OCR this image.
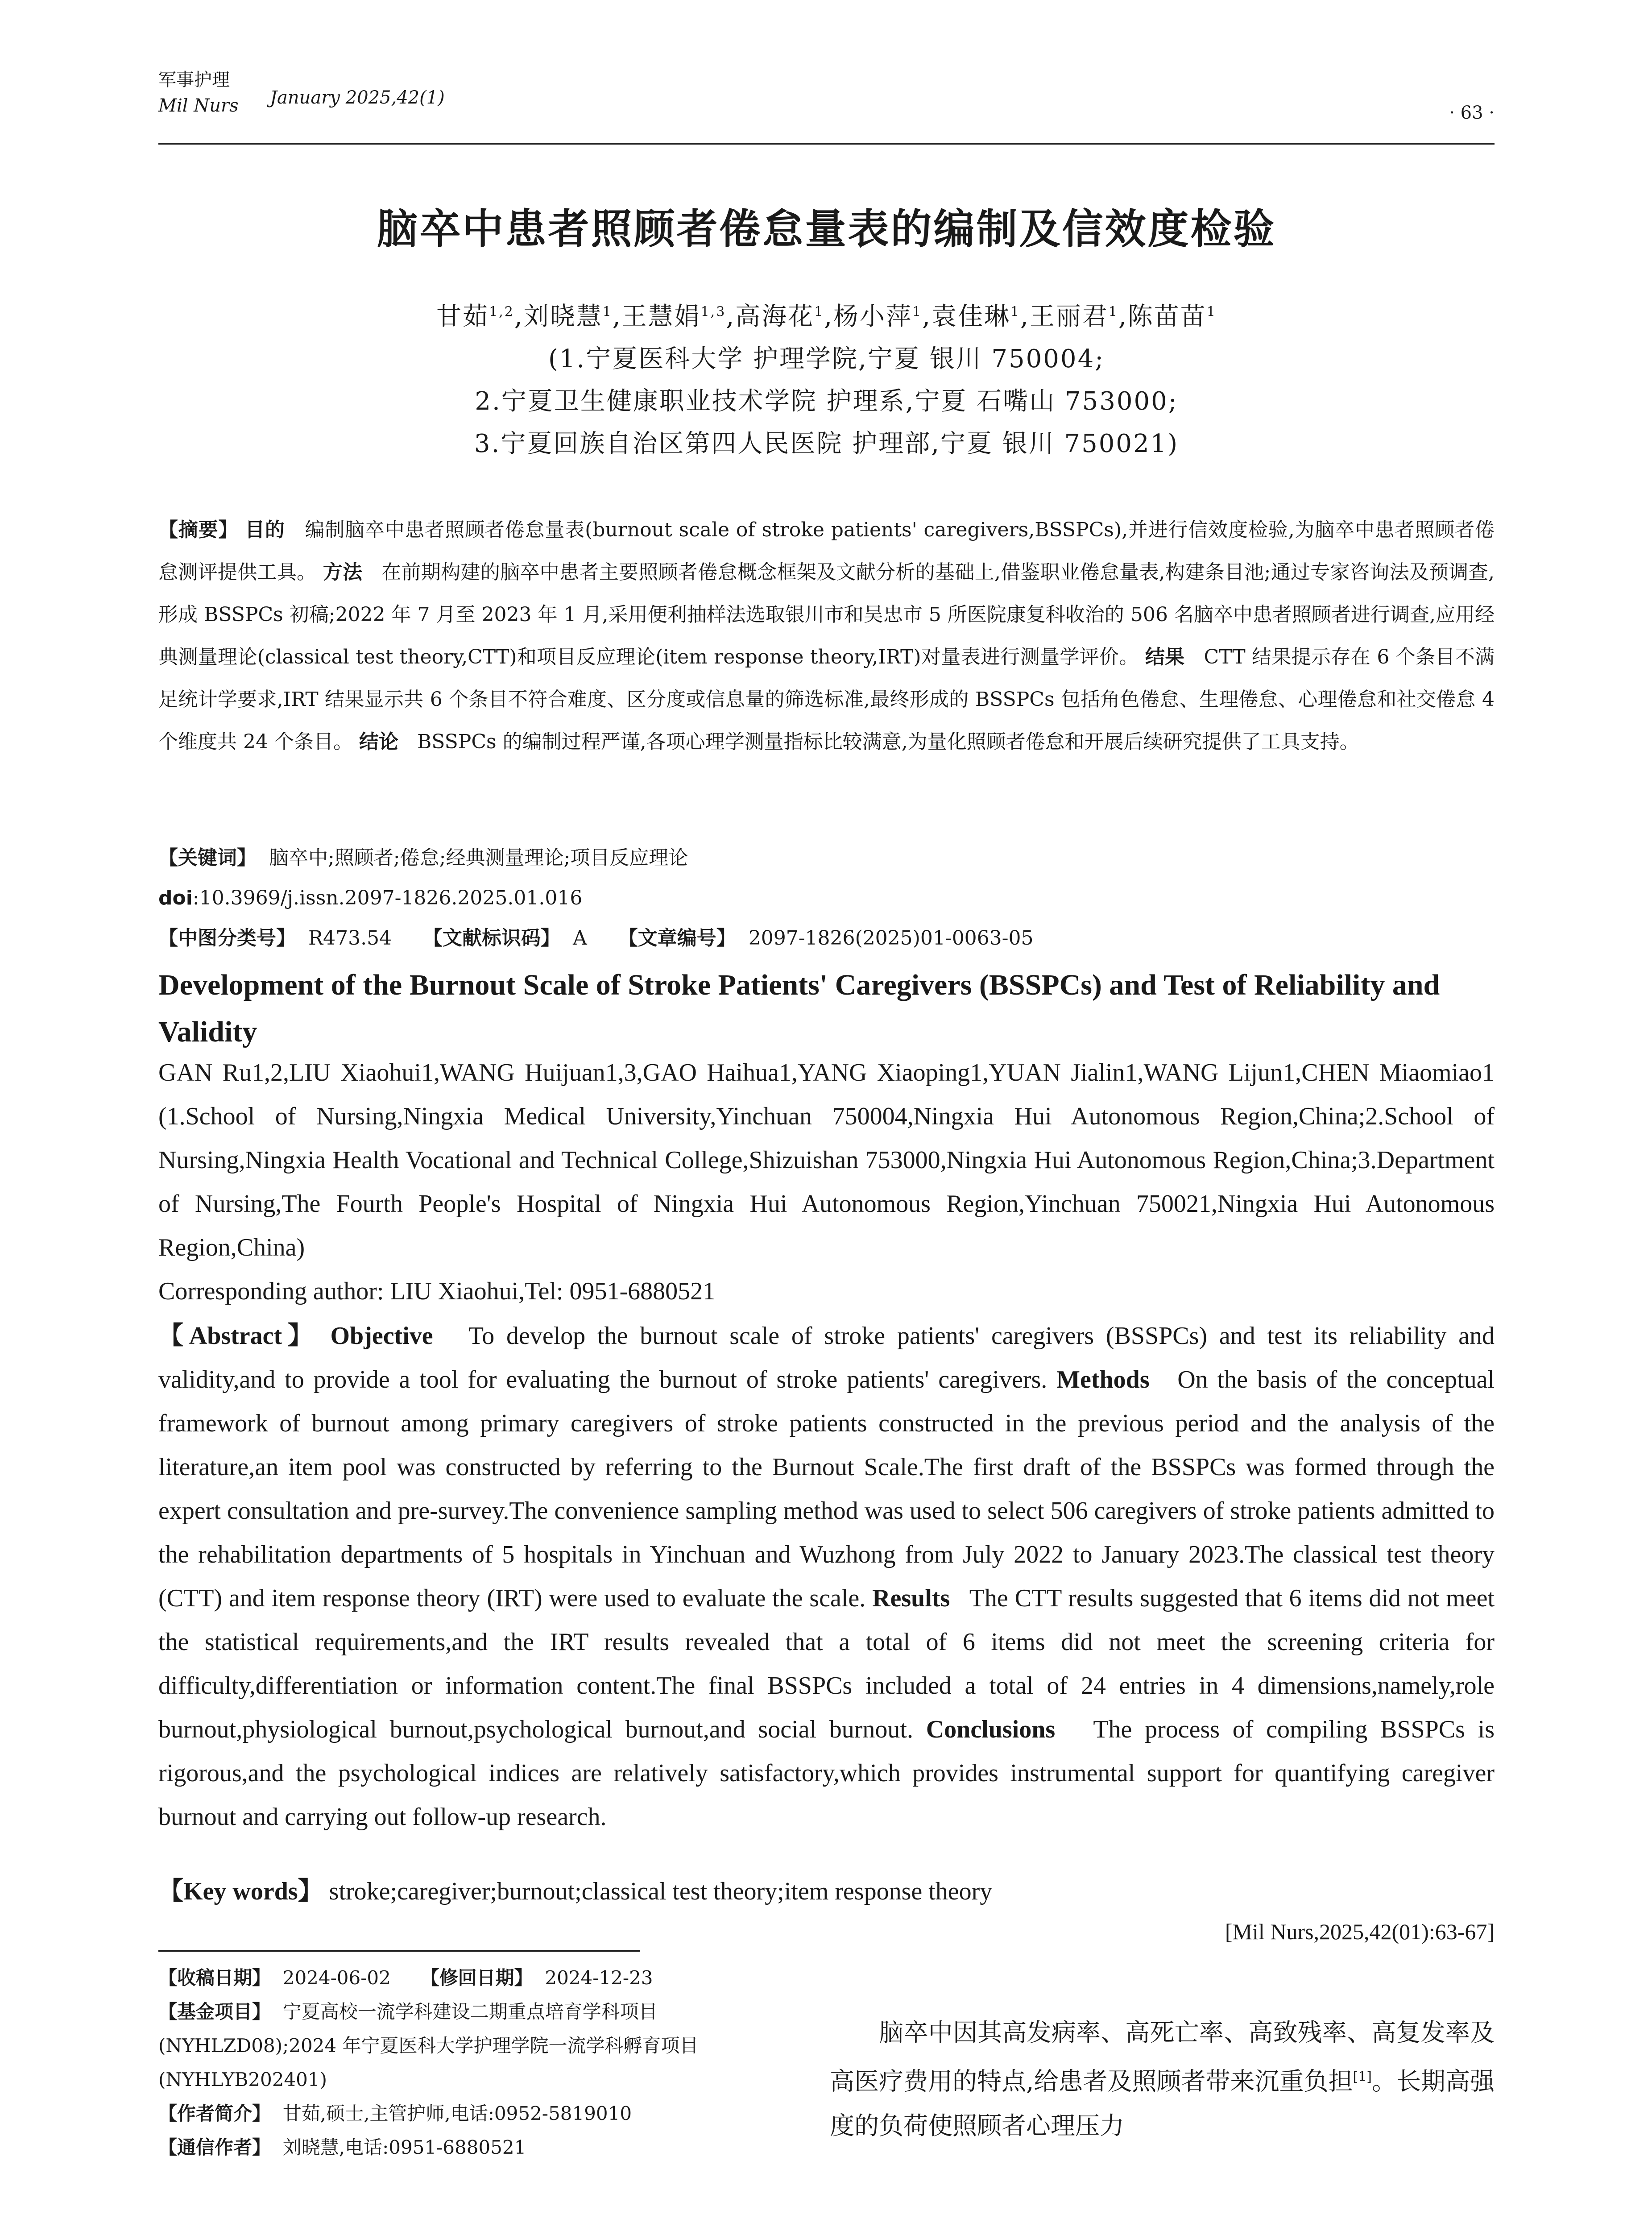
军事护理
Mil Nurs January 2025,42(1)
· 63 ·
脑卒中患者照顾者倦怠量表的编制及信效度检验
甘茹$^{1,2}$,刘晓慧$^1$,王慧娟$^{1,3}$,高海花$^1$,杨小萍$^1$,袁佳琳$^1$,王丽君$^1$,陈苗苗$^1$
(1.宁夏医科大学 护理学院,宁夏 银川 750004;
2.宁夏卫生健康职业技术学院 护理系,宁夏 石嘴山 753000;
3.宁夏回族自治区第四人民医院 护理部,宁夏 银川 750021)
【摘要】 目的 编制脑卒中患者照顾者倦怠量表(burnout scale of stroke patients' caregivers,BSSPCs),并进行信效度检验,为脑卒中患者照顾者倦怠测评提供工具。 方法 在前期构建的脑卒中患者主要照顾者倦怠概念框架及文献分析的基础上,借鉴职业倦怠量表,构建条目池;通过专家咨询法及预调查,形成 BSSPCs 初稿;2022 年 7 月至 2023 年 1 月,采用便利抽样法选取银川市和吴忠市 5 所医院康复科收治的 506 名脑卒中患者照顾者进行调查,应用经典测量理论(classical test theory,CTT)和项目反应理论(item response theory,IRT)对量表进行测量学评价。 结果 CTT 结果提示存在 6 个条目不满足统计学要求,IRT 结果显示共 6 个条目不符合难度、区分度或信息量的筛选标准,最终形成的 BSSPCs 包括角色倦怠、生理倦怠、心理倦怠和社交倦怠 4 个维度共 24 个条目。 结论 BSSPCs 的编制过程严谨,各项心理学测量指标比较满意,为量化照顾者倦怠和开展后续研究提供了工具支持。
【关键词】 脑卒中;照顾者;倦怠;经典测量理论;项目反应理论
doi:10.3969/j.issn.2097-1826.2025.01.016
【中图分类号】 R473.54 【文献标识码】 A 【文章编号】 2097-1826(2025)01-0063-05
Development of the Burnout Scale of Stroke Patients' Caregivers (BSSPCs) and Test of Reliability and Validity
GAN Ru1,2,LIU Xiaohui1,WANG Huijuan1,3,GAO Haihua1,YANG Xiaoping1,YUAN Jialin1,WANG Lijun1,CHEN Miaomiao1 (1.School of Nursing,Ningxia Medical University,Yinchuan 750004,Ningxia Hui Autonomous Region,China;2.School of Nursing,Ningxia Health Vocational and Technical College,Shizuishan 753000,Ningxia Hui Autonomous Region,China;3.Department of Nursing,The Fourth People's Hospital of Ningxia Hui Autonomous Region,Yinchuan 750021,Ningxia Hui Autonomous Region,China)
Corresponding author: LIU Xiaohui,Tel: 0951-6880521
【Abstract】 Objective To develop the burnout scale of stroke patients' caregivers (BSSPCs) and test its reliability and validity,and to provide a tool for evaluating the burnout of stroke patients' caregivers. Methods On the basis of the conceptual framework of burnout among primary caregivers of stroke patients constructed in the previous period and the analysis of the literature,an item pool was constructed by referring to the Burnout Scale.The first draft of the BSSPCs was formed through the expert consultation and pre-survey.The convenience sampling method was used to select 506 caregivers of stroke patients admitted to the rehabilitation departments of 5 hospitals in Yinchuan and Wuzhong from July 2022 to January 2023.The classical test theory (CTT) and item response theory (IRT) were used to evaluate the scale. Results The CTT results suggested that 6 items did not meet the statistical requirements,and the IRT results revealed that a total of 6 items did not meet the screening criteria for difficulty,differentiation or information content.The final BSSPCs included a total of 24 entries in 4 dimensions,namely,role burnout,physiological burnout,psychological burnout,and social burnout. Conclusions The process of compiling BSSPCs is rigorous,and the psychological indices are relatively satisfactory,which provides instrumental support for quantifying caregiver burnout and carrying out follow-up research.
【Key words】 stroke;caregiver;burnout;classical test theory;item response theory
[Mil Nurs,2025,42(01):63-67]
【收稿日期】 2024-06-02 【修回日期】 2024-12-23
【基金项目】 宁夏高校一流学科建设二期重点培育学科项目(NYHLZD08);2024 年宁夏医科大学护理学院一流学科孵育项目(NYHLYB202401)
【作者简介】 甘茹,硕士,主管护师,电话:0952-5819010
【通信作者】 刘晓慧,电话:0951-6880521
　　脑卒中因其高发病率、高死亡率、高致残率、高复发率及高医疗费用的特点,给患者及照顾者带来沉重负担[1]。长期高强度的负荷使照顾者心理压力
